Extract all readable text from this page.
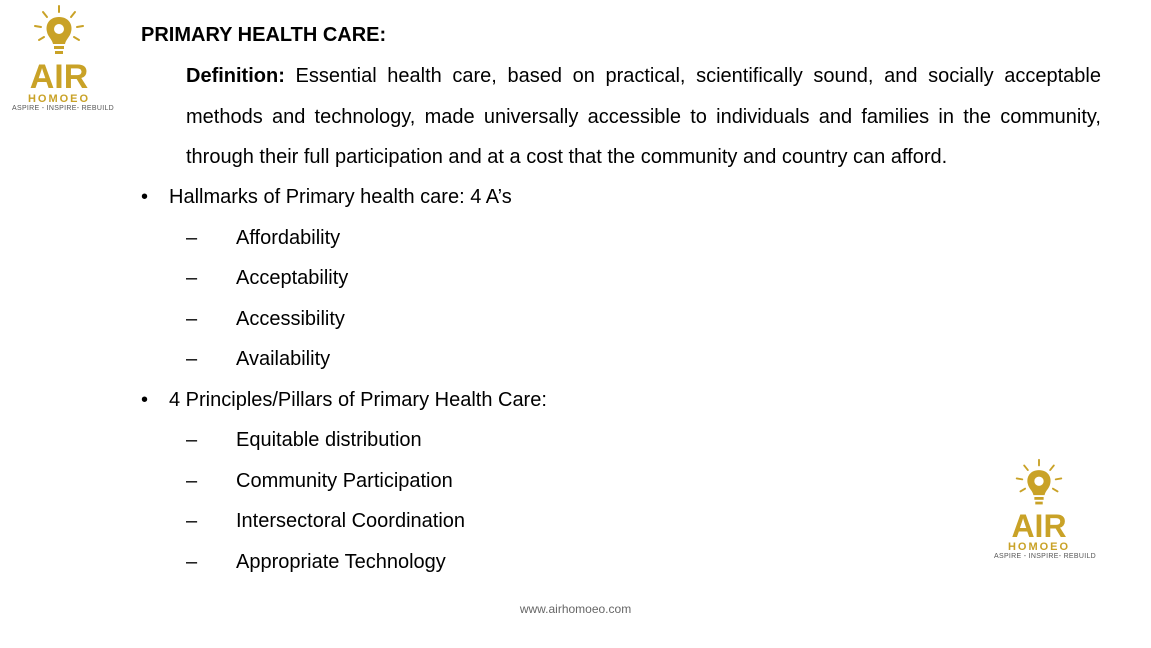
AIR
HOMOEO
ASPIRE - INSPIRE- REBUILD
AIR
HOMOEO
ASPIRE - INSPIRE- REBUILD
PRIMARY HEALTH CARE:
Definition: Essential health care, based on practical, scientifically sound, and socially acceptable methods and technology, made universally accessible to individuals and families in the community, through their full participation and at a cost that the community and country can afford.
• Hallmarks of Primary health care: 4 A’s
– Affordability
– Acceptability
– Accessibility
– Availability
• 4 Principles/Pillars of Primary Health Care:
– Equitable distribution
– Community Participation
– Intersectoral Coordination
– Appropriate Technology
www.airhomoeo.com
